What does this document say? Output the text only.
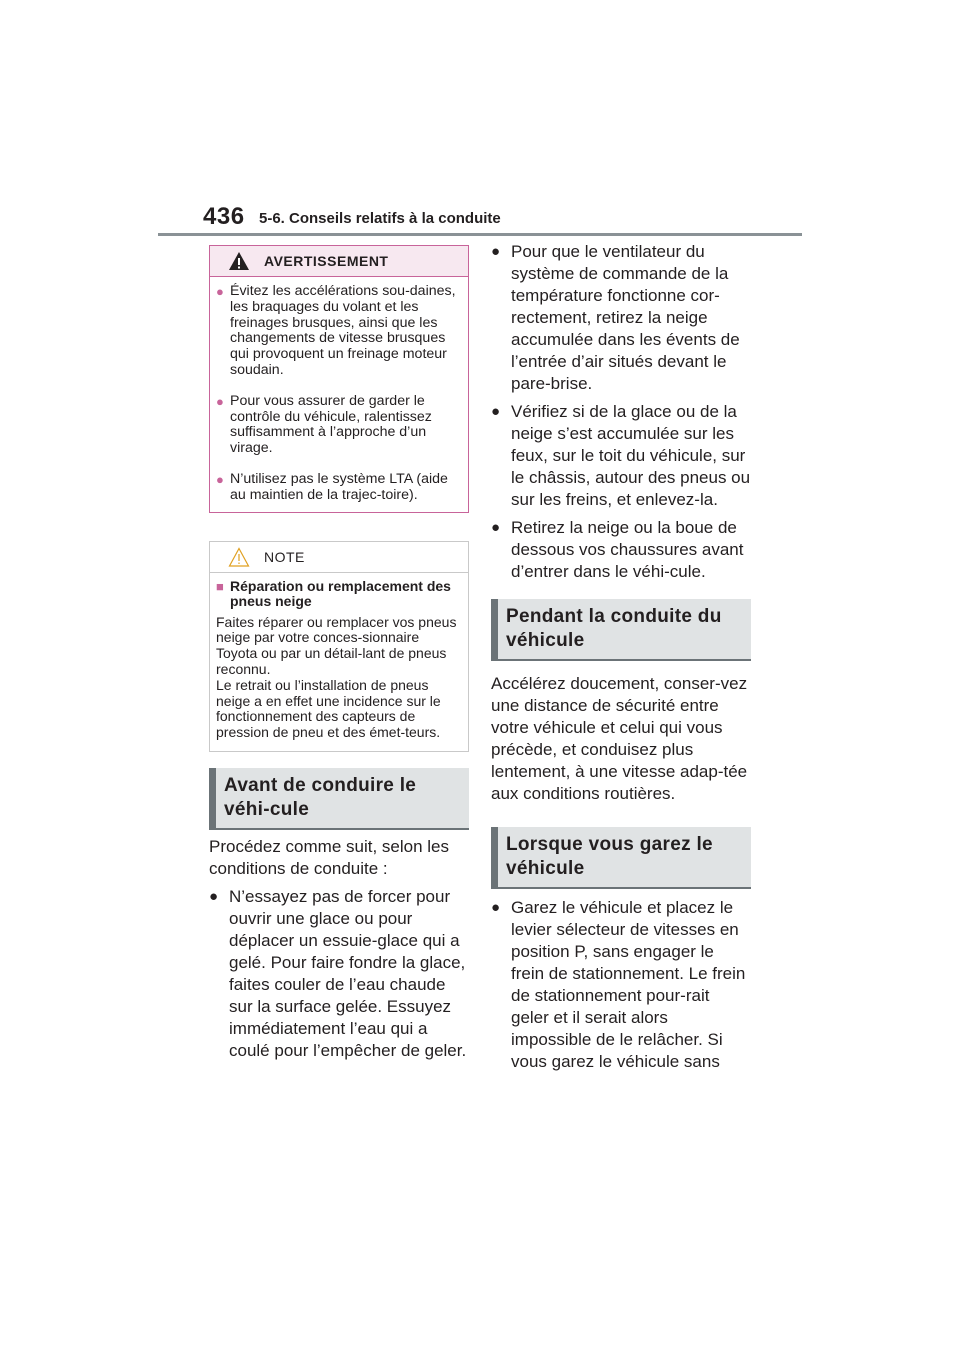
436 5-6. Conseils relatifs à la conduite
AVERTISSEMENT
● Évitez les accélérations sou-daines, les braquages du volant et les freinages brusques, ainsi que les changements de vitesse brusques qui provoquent un freinage moteur soudain.
● Pour vous assurer de garder le contrôle du véhicule, ralentissez suffisamment à l’approche d’un virage.
● N’utilisez pas le système LTA (aide au maintien de la trajec-toire).
NOTE
■ Réparation ou remplacement des pneus neige
Faites réparer ou remplacer vos pneus neige par votre conces-sionnaire Toyota ou par un détail-lant de pneus reconnu.
Le retrait ou l’installation de pneus neige a en effet une incidence sur le fonctionnement des capteurs de pression de pneu et des émet-teurs.
Avant de conduire le véhi-cule
Procédez comme suit, selon les conditions de conduite :
● N’essayez pas de forcer pour ouvrir une glace ou pour déplacer un essuie-glace qui a gelé. Pour faire fondre la glace, faites couler de l’eau chaude sur la surface gelée. Essuyez immédiatement l’eau qui a coulé pour l’empêcher de geler.
● Pour que le ventilateur du système de commande de la température fonctionne cor-rectement, retirez la neige accumulée dans les évents de l’entrée d’air situés devant le pare-brise.
● Vérifiez si de la glace ou de la neige s’est accumulée sur les feux, sur le toit du véhicule, sur le châssis, autour des pneus ou sur les freins, et enlevez-la.
● Retirez la neige ou la boue de dessous vos chaussures avant d’entrer dans le véhi-cule.
Pendant la conduite du véhicule
Accélérez doucement, conser-vez une distance de sécurité entre votre véhicule et celui qui vous précède, et conduisez plus lentement, à une vitesse adap-tée aux conditions routières.
Lorsque vous garez le véhicule
● Garez le véhicule et placez le levier sélecteur de vitesses en position P, sans engager le frein de stationnement. Le frein de stationnement pour-rait geler et il serait alors impossible de le relâcher. Si vous garez le véhicule sans
